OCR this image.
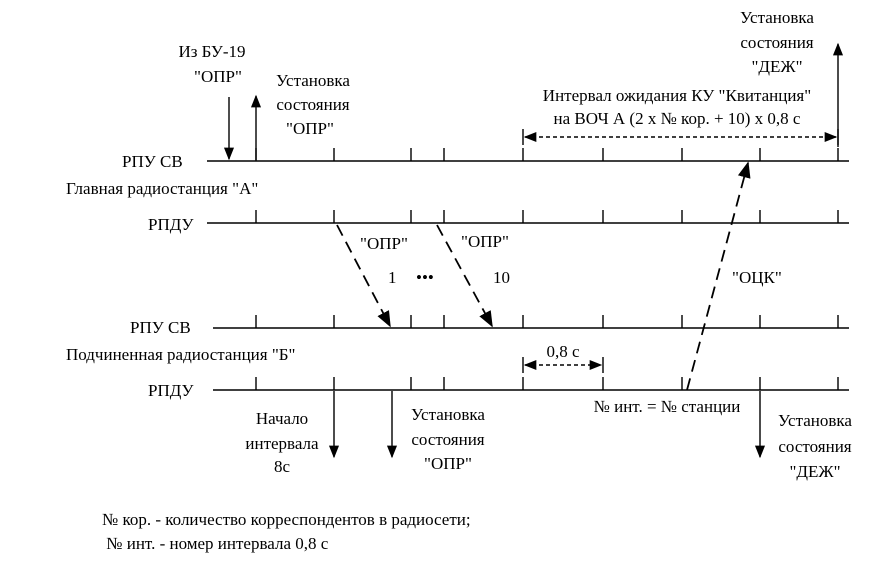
РПУ СВ
Главная радиостанция "А"
РПДУ
РПУ СВ
Подчиненная радиостанция "Б"
РПДУ
Из БУ-19
"ОПР" Установка
состояния
"ОПР"
Установка
состояния
"ДЕЖ"
Интервал ожидания КУ "Квитанция"
на ВОЧ А (2 х № кор. + 10) х 0,8 с
"ОПР"	"ОПР"
1 •••	10	"ОЦК"
0,8 с
№ инт. = № станции
Начало
интервала
8с
Установка
состояния
"ОПР"
Установка
состояния
"ДЕЖ"
№ кор. - количество корреспондентов в радиосети;
№ инт. - номер интервала 0,8 с
